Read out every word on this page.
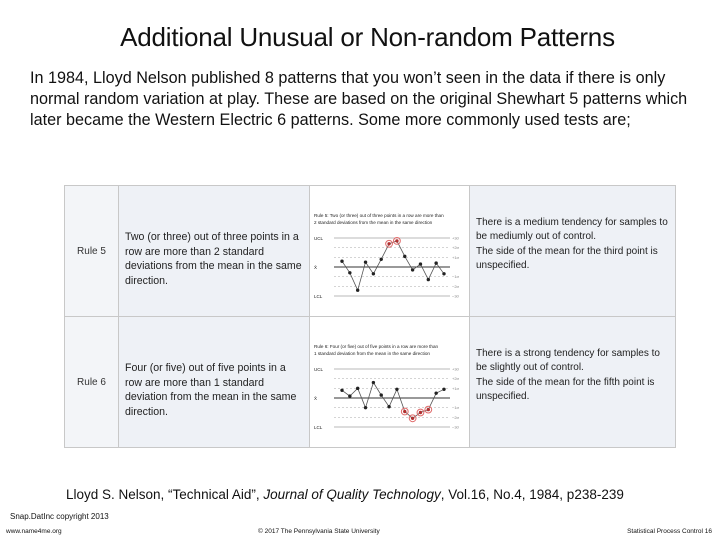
Additional Unusual or Non-random Patterns
In 1984, Lloyd Nelson published 8 patterns that you won’t seen in the data if there is only normal random variation at play. These are based on the original Shewhart 5 patterns which later became the Western Electric 6 patterns. Some more commonly used tests are;
Rule 5
Two (or three) out of three points in a row are more than 2 standard deviations from the mean in the same direction.
Rule 5: Two (or three) out of three points in a row are more than
2 standard deviations from the mean in the same direction
UCL
X̄
LCL
+3σ
+2σ
+1σ
−1σ
−2σ
−3σ
There is a medium tendency for samples to be mediumly out of control.
The side of the mean for the third point is unspecified.
Rule 6
Four (or five) out of five points in a row are more than 1 standard deviation from the mean in the same direction.
Rule 6: Four (or five) out of five points in a row are more than
1 standard deviation from the mean in the same direction
UCL
X̄
LCL
+3σ
+2σ
+1σ
−1σ
−2σ
−3σ
There is a strong tendency for samples to be slightly out of control.
The side of the mean for the fifth point is unspecified.
Lloyd S. Nelson, “Technical Aid”, Journal of Quality Technology, Vol.16, No.4, 1984, p238-239
Snap.DatInc copyright 2013
www.name4me.org	© 2017 The Pennsylvania State University	Statistical Process Control 16
